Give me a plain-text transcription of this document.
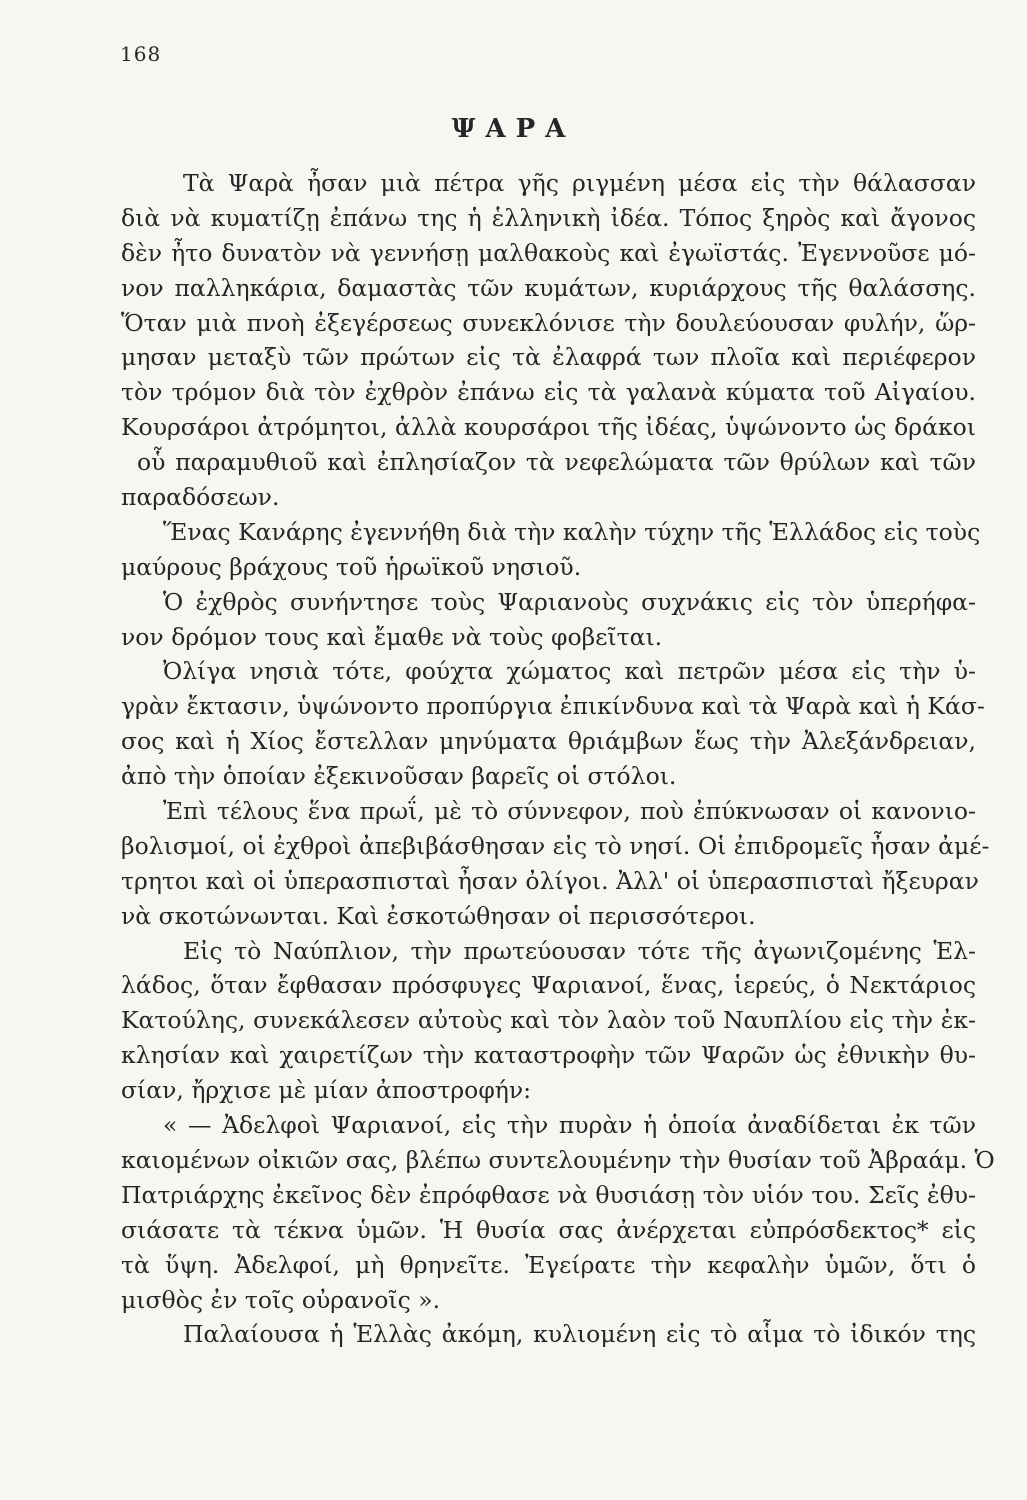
168
ΨΑΡΑ
Τὰ Ψαρὰ ἦσαν μιὰ πέτρα γῆς ριγμένη μέσα εἰς τὴν θάλασσαν
διὰ νὰ κυματίζῃ ἐπάνω της ἡ ἑλληνικὴ ἰδέα. Τόπος ξηρὸς καὶ ἄγονος
δὲν ἦτο δυνατὸν νὰ γεννήσῃ μαλθακοὺς καὶ ἐγωϊστάς. Ἐγεννοῦσε μό-
νον παλληκάρια, δαμαστὰς τῶν κυμάτων, κυριάρχους τῆς θαλάσσης.
Ὅταν μιὰ πνοὴ ἐξεγέρσεως συνεκλόνισε τὴν δουλεύουσαν φυλήν, ὥρ-
μησαν μεταξὺ τῶν πρώτων εἰς τὰ ἐλαφρά των πλοῖα καὶ περιέφερον
τὸν τρόμον διὰ τὸν ἐχθρὸν ἐπάνω εἰς τὰ γαλανὰ κύματα τοῦ Αἰγαίου.
Κουρσάροι ἀτρόμητοι, ἀλλὰ κουρσάροι τῆς ἰδέας, ὑψώνοντο ὡς δράκοι
οὗ παραμυθιοῦ καὶ ἐπλησίαζον τὰ νεφελώματα τῶν θρύλων καὶ τῶν
παραδόσεων.
Ἕνας Κανάρης ἐγεννήθη διὰ τὴν καλὴν τύχην τῆς Ἑλλάδος εἰς τοὺς
μαύρους βράχους τοῦ ἡρωϊκοῦ νησιοῦ.
Ὁ ἐχθρὸς συνήντησε τοὺς Ψαριανοὺς συχνάκις εἰς τὸν ὑπερήφα-
νον δρόμον τους καὶ ἔμαθε νὰ τοὺς φοβεῖται.
Ὀλίγα νησιὰ τότε, φούχτα χώματος καὶ πετρῶν μέσα εἰς τὴν ὑ-
γρὰν ἔκτασιν, ὑψώνοντο προπύργια ἐπικίνδυνα καὶ τὰ Ψαρὰ καὶ ἡ Κάσ-
σος καὶ ἡ Χίος ἔστελλαν μηνύματα θριάμβων ἕως τὴν Ἀλεξάνδρειαν,
ἀπὸ τὴν ὁποίαν ἐξεκινοῦσαν βαρεῖς οἱ στόλοι.
Ἐπὶ τέλους ἕνα πρωΐ, μὲ τὸ σύννεφον, ποὺ ἐπύκνωσαν οἱ κανονιο-
βολισμοί, οἱ ἐχθροὶ ἀπεβιβάσθησαν εἰς τὸ νησί. Οἱ ἐπιδρομεῖς ἦσαν ἀμέ-
τρητοι καὶ οἱ ὑπερασπισταὶ ἦσαν ὀλίγοι. Ἀλλ' οἱ ὑπερασπισταὶ ἤξευραν
νὰ σκοτώνωνται. Καὶ ἐσκοτώθησαν οἱ περισσότεροι.
Εἰς τὸ Ναύπλιον, τὴν πρωτεύουσαν τότε τῆς ἀγωνιζομένης Ἑλ-
λάδος, ὅταν ἔφθασαν πρόσφυγες Ψαριανοί, ἕνας, ἱερεύς, ὁ Νεκτάριος
Κατούλης, συνεκάλεσεν αὐτοὺς καὶ τὸν λαὸν τοῦ Ναυπλίου εἰς τὴν ἐκ-
κλησίαν καὶ χαιρετίζων τὴν καταστροφὴν τῶν Ψαρῶν ὡς ἐθνικὴν θυ-
σίαν, ἤρχισε μὲ μίαν ἀποστροφήν:
« — Ἀδελφοὶ Ψαριανοί, εἰς τὴν πυρὰν ἡ ὁποία ἀναδίδεται ἐκ τῶν
καιομένων οἰκιῶν σας, βλέπω συντελουμένην τὴν θυσίαν τοῦ Ἀβραάμ. Ὁ
Πατριάρχης ἐκεῖνος δὲν ἐπρόφθασε νὰ θυσιάσῃ τὸν υἱόν του. Σεῖς ἐθυ-
σιάσατε τὰ τέκνα ὑμῶν. Ἡ θυσία σας ἀνέρχεται εὐπρόσδεκτος* εἰς
τὰ ὕψη. Ἀδελφοί, μὴ θρηνεῖτε. Ἐγείρατε τὴν κεφαλὴν ὑμῶν, ὅτι ὁ
μισθὸς ἐν τοῖς οὐρανοῖς ».
Παλαίουσα ἡ Ἑλλὰς ἀκόμη, κυλιομένη εἰς τὸ αἷμα τὸ ἰδικόν της
